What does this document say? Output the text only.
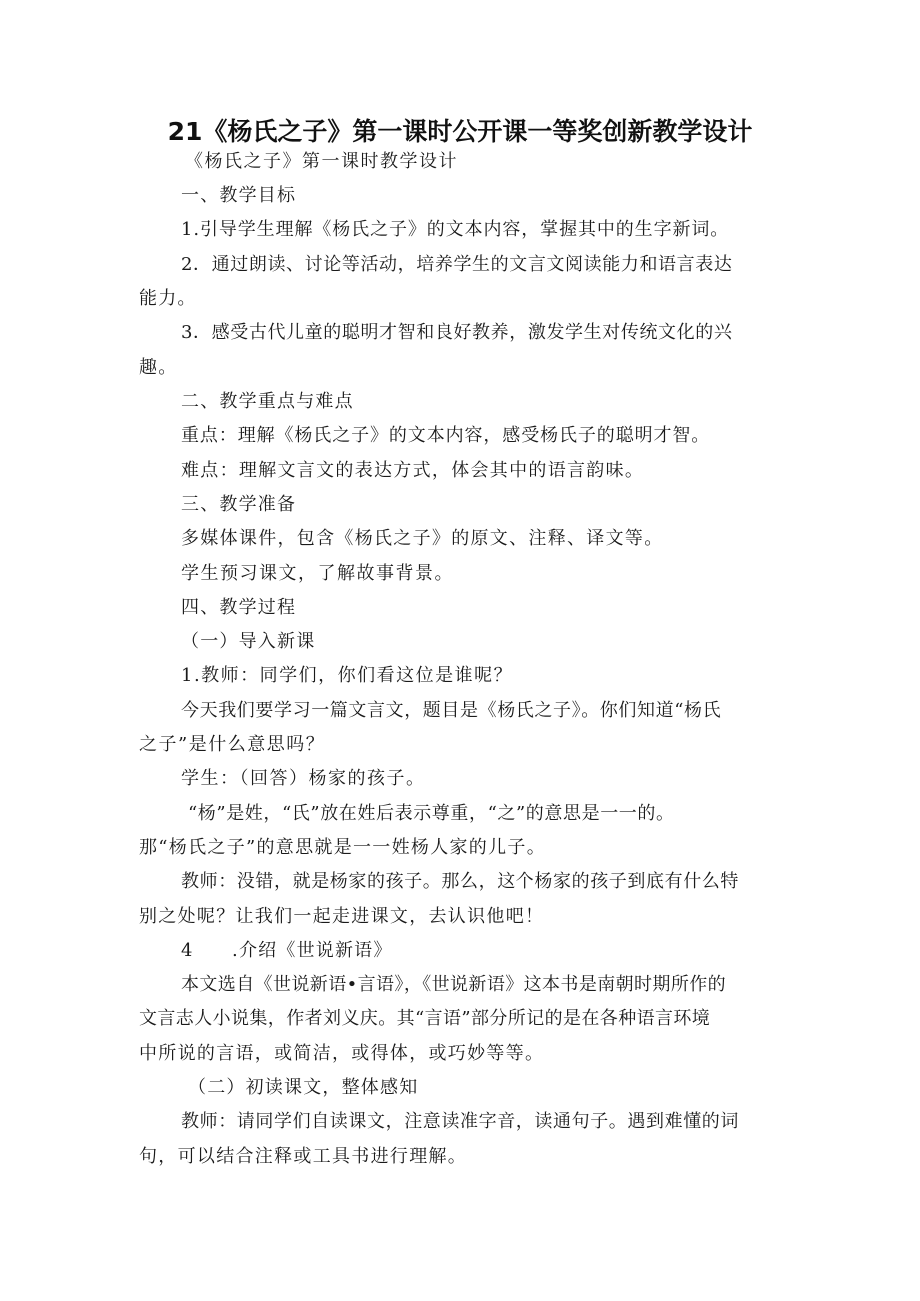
21《杨氏之子》第一课时公开课一等奖创新教学设计
《杨氏之子》第一课时教学设计
一、教学目标
1.引导学生理解《杨氏之子》的文本内容，掌握其中的生字新词。
2．通过朗读、讨论等活动，培养学生的文言文阅读能力和语言表达
能力。
3．感受古代儿童的聪明才智和良好教养，激发学生对传统文化的兴
趣。
二、教学重点与难点
重点：理解《杨氏之子》的文本内容，感受杨氏子的聪明才智。
难点：理解文言文的表达方式，体会其中的语言韵味。
三、教学准备
多媒体课件，包含《杨氏之子》的原文、注释、译文等。
学生预习课文，了解故事背景。
四、教学过程
（一）导入新课
1.教师：同学们，你们看这位是谁呢？
今天我们要学习一篇文言文，题目是《杨氏之子》。你们知道“杨氏
之子”是什么意思吗？
学生：（回答）杨家的孩子。
“杨”是姓，“氏”放在姓后表示尊重，“之”的意思是一一的。
那“杨氏之子”的意思就是一一姓杨人家的儿子。
教师：没错，就是杨家的孩子。那么，这个杨家的孩子到底有什么特
别之处呢？让我们一起走进课文，去认识他吧！
4　　.介绍《世说新语》
本文选自《世说新语•言语》，《世说新语》这本书是南朝时期所作的
文言志人小说集，作者刘义庆。其“言语”部分所记的是在各种语言环境
中所说的言语，或简洁，或得体，或巧妙等等。
（二）初读课文，整体感知
教师：请同学们自读课文，注意读准字音，读通句子。遇到难懂的词
句，可以结合注释或工具书进行理解。
